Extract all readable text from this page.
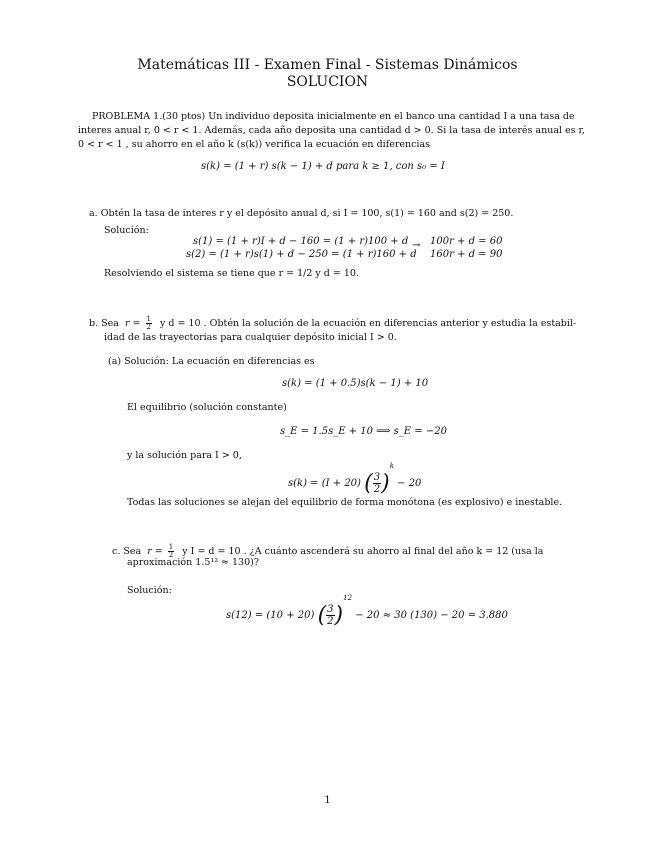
Matemáticas III - Examen Final - Sistemas Dinámicos
SOLUCION
PROBLEMA 1.(30 ptos) Un individuo deposita inicialmente en el banco una cantidad I a una tasa de
interes anual r, 0 < r < 1. Además, cada año deposita una cantidad d > 0. Si la tasa de interés anual es r,
0 < r < 1 , su ahorro en el año k (s(k)) verifica la ecuación en diferencias
s(k) = (1 + r) s(k − 1) + d para k ≥ 1, con s₀ = I
a. Obtén la tasa de interes r y el depósito anual d, si I = 100, s(1) = 160 and s(2) = 250.
Solución:
s(1) = (1 + r)I + d − 160 = (1 + r)100 + d
s(2) = (1 + r)s(1) + d − 250 = (1 + r)160 + d
→ 100r + d = 60
160r + d = 90
Resolviendo el sistema se tiene que r = 1/2 y d = 10.
b. Sea $r = \frac{1}{2}$ y d = 10 . Obtén la solución de la ecuación en diferencias anterior y estudia la estabil-
idad de las trayectorias para cualquier depósito inicial I > 0.
(a) Solución: La ecuación en diferencias es
s(k) = (1 + 0.5)s(k − 1) + 10
El equilibrio (solución constante)
s_E = 1.5s_E + 10 ⟹ s_E = −20
y la solución para I > 0,
s(k) = (I + 20) ( $\frac{3}{2} )^k - 20$
Todas las soluciones se alejan del equilibrio de forma monótona (es explosivo) e inestable.
c. Sea $r = \frac{1}{2}$ y I = d = 10 . ¿A cuánto ascenderá su ahorro al final del año k = 12 (usa la
aproximación 1.5¹² ≈ 130)?
Solución:
s(12) = (10 + 20) ( $\frac{3}{2} )^{12} - 20 \approx 30$ (130) − 20 = 3.880
1
